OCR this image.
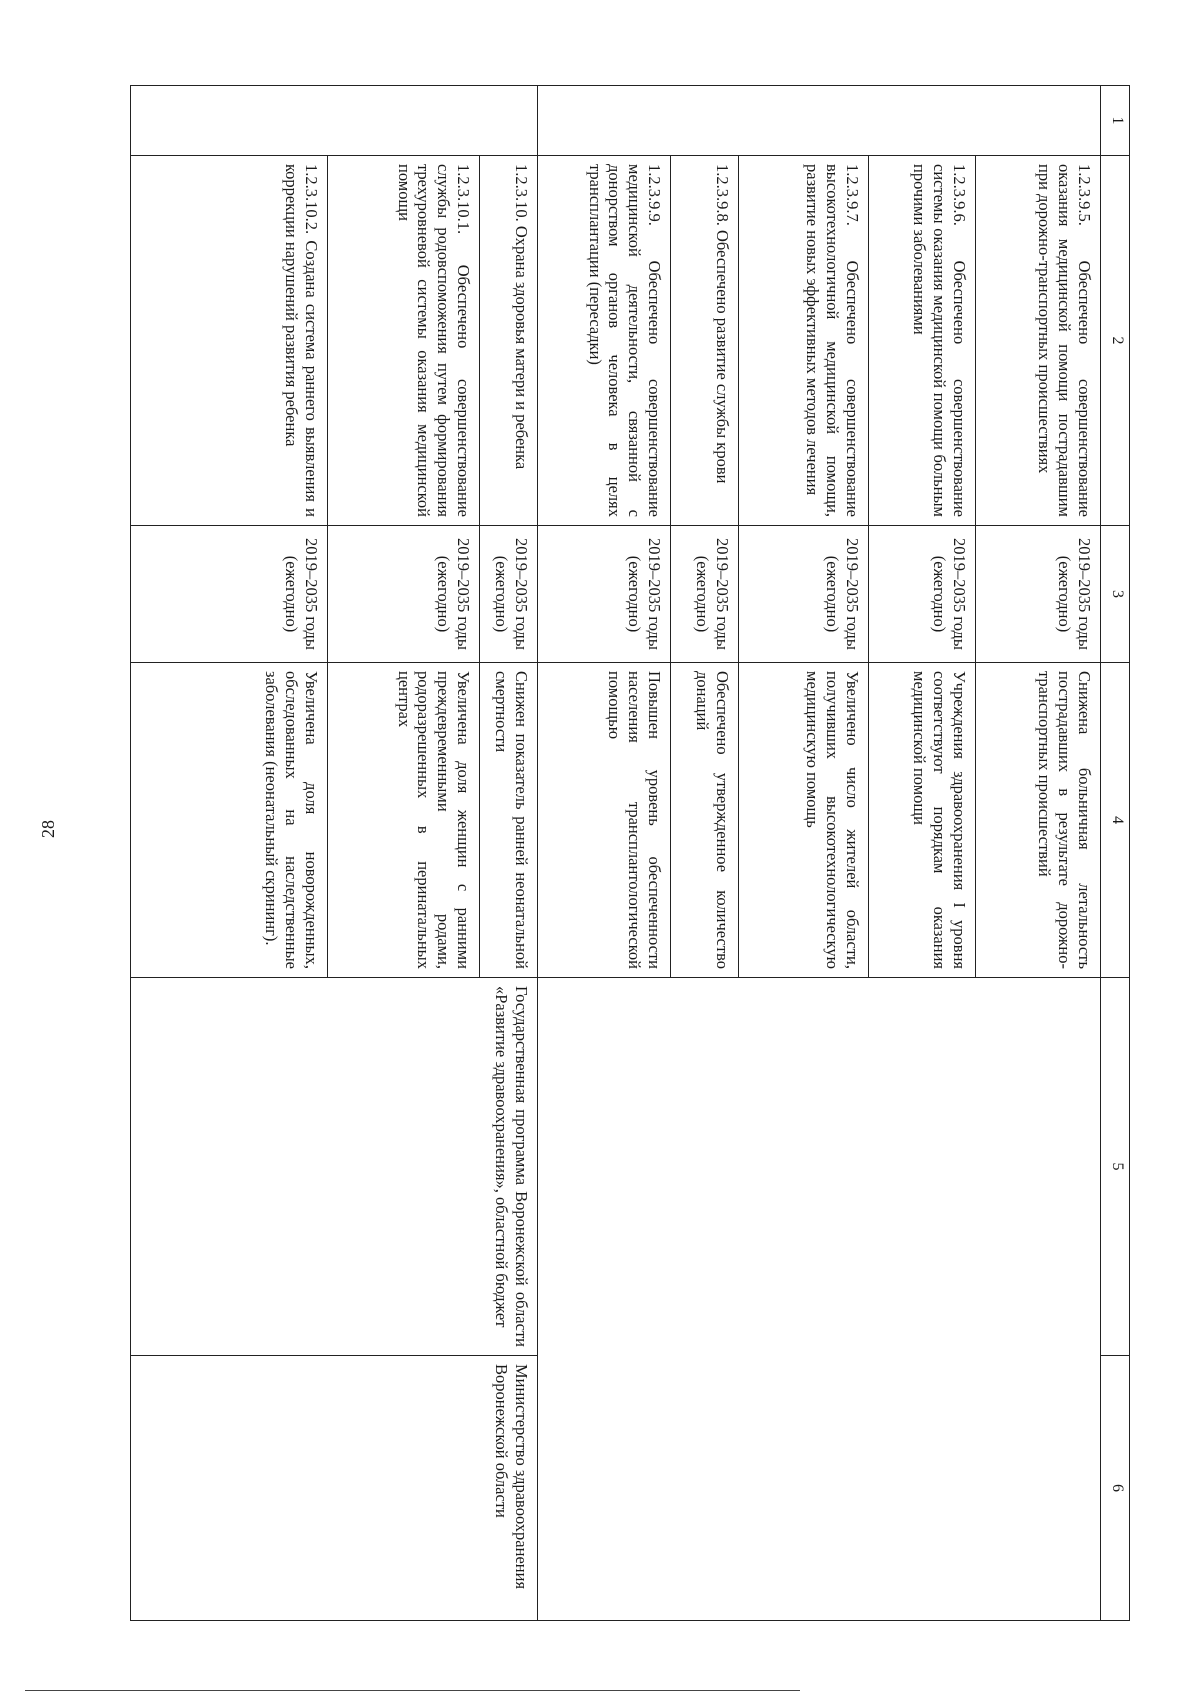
28
1	2	3	4	5	6
	1.2.3.9.5. Обеспечено совершенствование оказания медицинской помощи пострадавшим при дорожно-транспортных происшествиях	2019–2035 годы (ежегодно)	Снижена больничная летальность пострадавших в результате дорожно-транспортных происшествий		
	1.2.3.9.6. Обеспечено совершенствование системы оказания медицинской помощи больным прочими заболеваниями	2019–2035 годы (ежегодно)	Учреждения здравоохранения I уровня соответствуют порядкам оказания медицинской помощи		
	1.2.3.9.7. Обеспечено совершенствование высокотехнологичной медицинской помощи, развитие новых эффективных методов лечения	2019–2035 годы (ежегодно)	Увеличено число жителей области, получивших высокотехнологическую медицинскую помощь		
	1.2.3.9.8. Обеспечено развитие службы крови	2019–2035 годы (ежегодно)	Обеспечено утвержденное количество донаций		
	1.2.3.9.9. Обеспечено совершенствование медицинской деятельности, связанной с донорством органов человека в целях трансплантации (пересадки)	2019–2035 годы (ежегодно)	Повышен уровень обеспеченности населения трансплантологической помощью		
	1.2.3.10. Охрана здоровья матери и ребенка	2019–2035 годы (ежегодно)	Снижен показатель ранней неонатальной смертности	Государственная программа Воронежской области «Развитие здравоохранения», областной бюджет	Министерство здравоохранения Воронежской области
	1.2.3.10.1. Обеспечено совершенствование службы родовспоможения путем формирования трехуровневой системы оказания медицинской помощи	2019–2035 годы (ежегодно)	Увеличена доля женщин с ранними преждевременными родами, родоразрешенных в перинатальных центрах		
	1.2.3.10.2. Создана система раннего выявления и коррекции нарушений развития ребенка	2019–2035 годы (ежегодно)	Увеличена доля новорожденных, обследованных на наследственные заболевания (неонатальный скрининг).		
